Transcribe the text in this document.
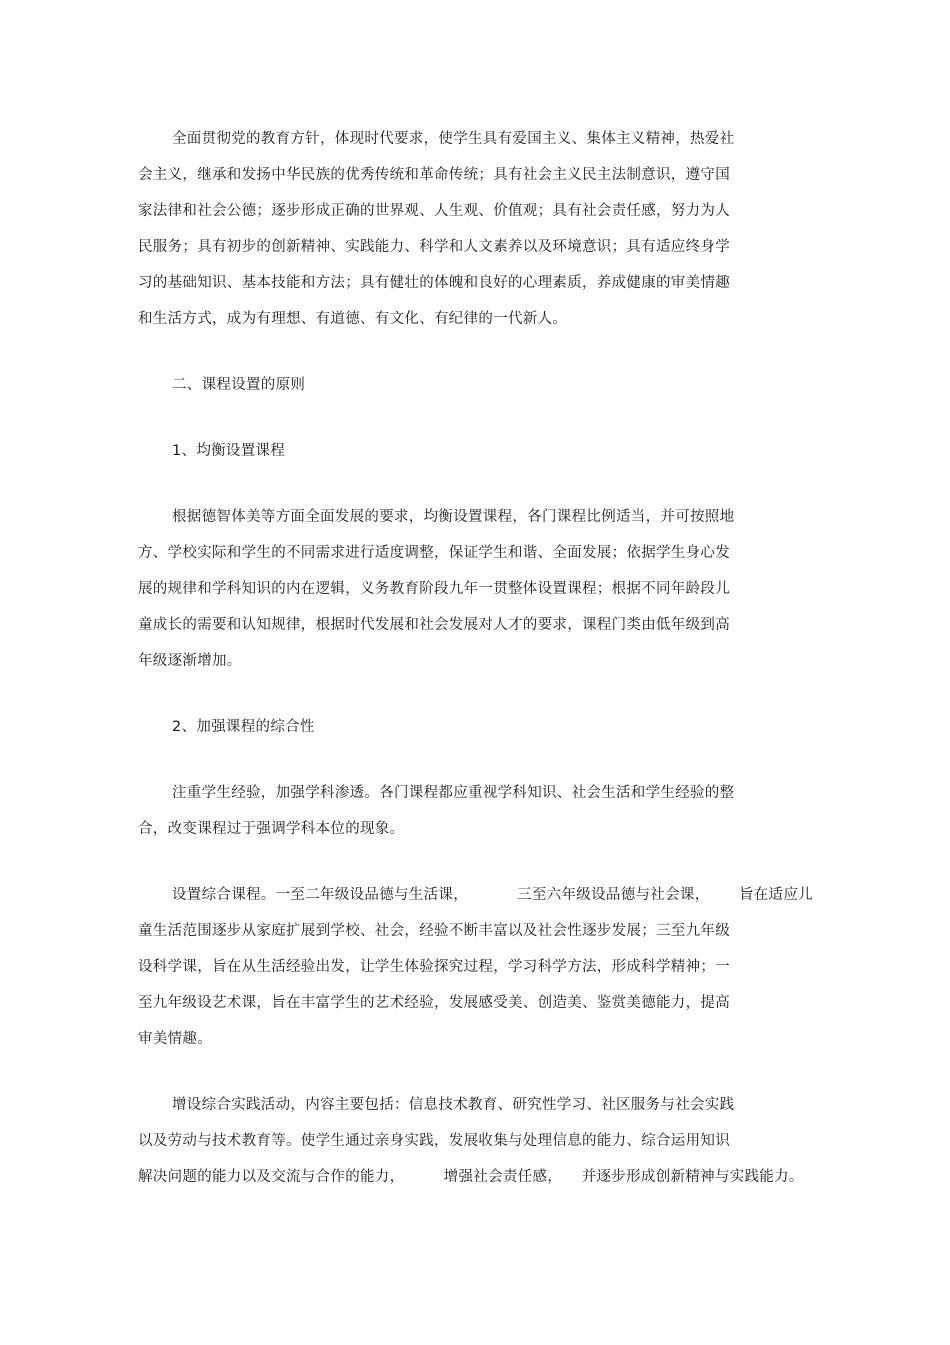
全面贯彻党的教育方针，体现时代要求，使学生具有爱国主义、集体主义精神，热爱社
会主义，继承和发扬中华民族的优秀传统和革命传统；具有社会主义民主法制意识，遵守国
家法律和社会公德；逐步形成正确的世界观、人生观、价值观；具有社会责任感，努力为人
民服务；具有初步的创新精神、实践能力、科学和人文素养以及环境意识；具有适应终身学
习的基础知识、基本技能和方法；具有健壮的体魄和良好的心理素质，养成健康的审美情趣
和生活方式，成为有理想、有道德、有文化、有纪律的一代新人。
二、课程设置的原则
1、均衡设置课程
根据德智体美等方面全面发展的要求，均衡设置课程，各门课程比例适当，并可按照地
方、学校实际和学生的不同需求进行适度调整，保证学生和谐、全面发展；依据学生身心发
展的规律和学科知识的内在逻辑，义务教育阶段九年一贯整体设置课程；根据不同年龄段儿
童成长的需要和认知规律，根据时代发展和社会发展对人才的要求，课程门类由低年级到高
年级逐渐增加。
2、加强课程的综合性
注重学生经验，加强学科渗透。各门课程都应重视学科知识、社会生活和学生经验的整
合，改变课程过于强调学科本位的现象。
设置综合课程。一至二年级设品德与生活课，          三至六年级设品德与社会课，      旨在适应儿
童生活范围逐步从家庭扩展到学校、社会，经验不断丰富以及社会性逐步发展；三至九年级
设科学课，旨在从生活经验出发，让学生体验探究过程，学习科学方法，形成科学精神；一
至九年级设艺术课，旨在丰富学生的艺术经验，发展感受美、创造美、鉴赏美德能力，提高
审美情趣。
增设综合实践活动，内容主要包括：信息技术教育、研究性学习、社区服务与社会实践
以及劳动与技术教育等。使学生通过亲身实践，发展收集与处理信息的能力、综合运用知识
解决问题的能力以及交流与合作的能力，        增强社会责任感，    并逐步形成创新精神与实践能力。
